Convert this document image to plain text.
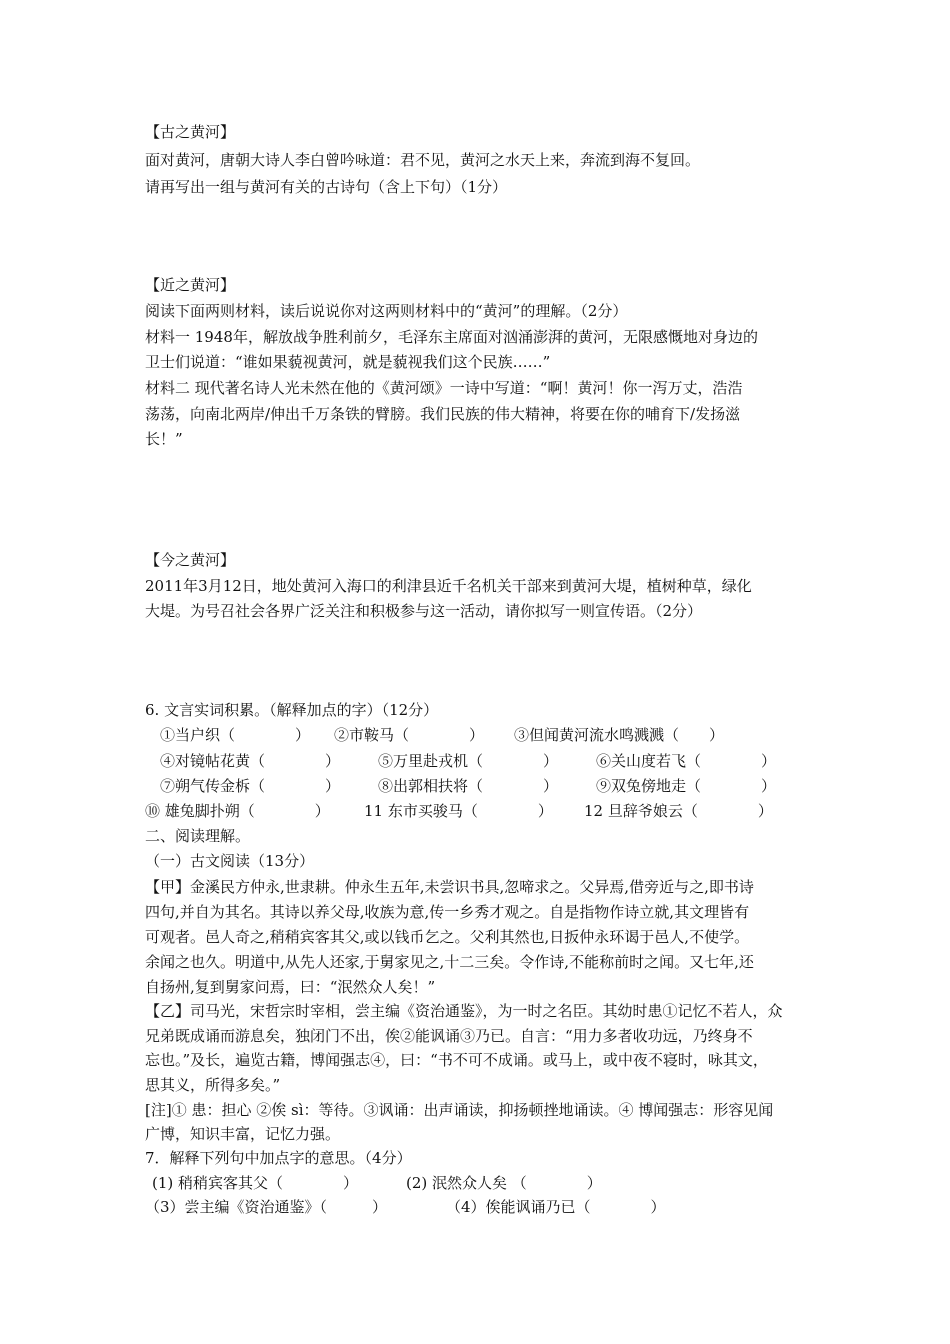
【古之黄河】
面对黄河，唐朝大诗人李白曾吟咏道：君不见，黄河之水天上来，奔流到海不复回。
请再写出一组与黄河有关的古诗句（含上下句）（1分）
【近之黄河】
阅读下面两则材料，读后说说你对这两则材料中的“黄河”的理解。（2分）
材料一 1948年，解放战争胜利前夕，毛泽东主席面对汹涌澎湃的黄河，无限感慨地对身边的
卫士们说道：“谁如果藐视黄河，就是藐视我们这个民族……”
材料二 现代著名诗人光未然在他的《黄河颂》一诗中写道：“啊！黄河！你一泻万丈，浩浩
荡荡，向南北两岸/伸出千万条铁的臂膀。我们民族的伟大精神，将要在你的哺育下/发扬滋
长！”
【今之黄河】
2011年3月12日，地处黄河入海口的利津县近千名机关干部来到黄河大堤，植树种草，绿化
大堤。为号召社会各界广泛关注和积极参与这一活动，请你拟写一则宣传语。（2分）
6. 文言实词积累。（解释加点的字）（12分）
①当户织（　　　　） ②市鞍马（　　　　） ③但闻黄河流水鸣溅溅（　　）
④对镜帖花黄（　　　　）	⑤万里赴戎机（　　　　）	⑥关山度若飞（　　　　）
⑦朔气传金柝（　　　　）	⑧出郭相扶将（　　　　）	⑨双兔傍地走（　　　　）
⑩ 雄兔脚扑朔（　　　　） 11 东市买骏马（　　　　） 12 旦辞爷娘云（　　　　）
二、阅读理解。
（一）古文阅读（13分）
【甲】金溪民方仲永,世隶耕。仲永生五年,未尝识书具,忽啼求之。父异焉,借旁近与之,即书诗
四句,并自为其名。其诗以养父母,收族为意,传一乡秀才观之。自是指物作诗立就,其文理皆有
可观者。邑人奇之,稍稍宾客其父,或以钱币乞之。父利其然也,日扳仲永环谒于邑人,不使学。
余闻之也久。明道中,从先人还家,于舅家见之,十二三矣。令作诗,不能称前时之闻。又七年,还
自扬州,复到舅家问焉，曰：“泯然众人矣！”
【乙】司马光，宋哲宗时宰相，尝主编《资治通鉴》，为一时之名臣。其幼时患①记忆不若人，众
兄弟既成诵而游息矣，独闭门不出，俟②能讽诵③乃已。自言：“用力多者收功远，乃终身不
忘也。”及长，遍览古籍，博闻强志④，曰：“书不可不成诵。或马上，或中夜不寝时，咏其文，
思其义，所得多矣。”
[注]① 患：担心 ②俟 sì：等待。③讽诵：出声诵读，抑扬顿挫地诵读。④ 博闻强志：形容见闻
广博，知识丰富，记忆力强。
7．解释下列句中加点字的意思。（4分）
(1) 稍稍宾客其父（　　　　）	(2) 泯然众人矣 （　　　　）
（3）尝主编《资治通鉴》（　　　）	（4）俟能讽诵乃已（　　　　）
